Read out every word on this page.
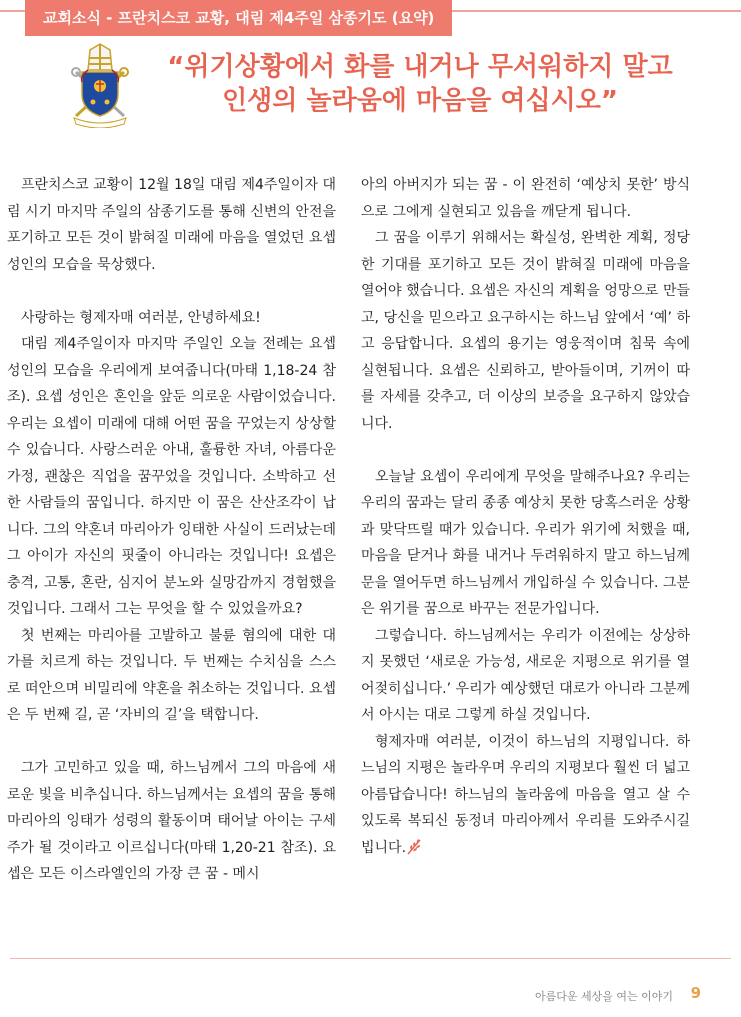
교회소식 - 프란치스코 교황, 대림 제4주일 삼종기도 (요약)
“위기상황에서 화를 내거나 무서워하지 말고
인생의 놀라움에 마음을 여십시오”

프란치스코 교황이 12월 18일 대림 제4주일이자 대림 시기 마지막 주일의 삼종기도를 통해 신변의 안전을 포기하고 모든 것이 밝혀질 미래에 마음을 열었던 요셉 성인의 모습을 묵상했다.

사랑하는 형제자매 여러분, 안녕하세요!

대림 제4주일이자 마지막 주일인 오늘 전례는 요셉 성인의 모습을 우리에게 보여줍니다(마태 1,18-24 참조). 요셉 성인은 혼인을 앞둔 의로운 사람이었습니다. 우리는 요셉이 미래에 대해 어떤 꿈을 꾸었는지 상상할 수 있습니다. 사랑스러운 아내, 훌륭한 자녀, 아름다운 가정, 괜찮은 직업을 꿈꾸었을 것입니다. 소박하고 선한 사람들의 꿈입니다. 하지만 이 꿈은 산산조각이 납니다. 그의 약혼녀 마리아가 잉태한 사실이 드러났는데 그 아이가 자신의 핏줄이 아니라는 것입니다! 요셉은 충격, 고통, 혼란, 심지어 분노와 실망감까지 경험했을 것입니다. 그래서 그는 무엇을 할 수 있었을까요?

첫 번째는 마리아를 고발하고 불륜 혐의에 대한 대가를 치르게 하는 것입니다. 두 번째는 수치심을 스스로 떠안으며 비밀리에 약혼을 취소하는 것입니다. 요셉은 두 번째 길, 곧 ‘자비의 길’을 택합니다.

그가 고민하고 있을 때, 하느님께서 그의 마음에 새로운 빛을 비추십니다. 하느님께서는 요셉의 꿈을 통해 마리아의 잉태가 성령의 활동이며 태어날 아이는 구세주가 될 것이라고 이르십니다(마태 1,20-21 참조). 요셉은 모든 이스라엘인의 가장 큰 꿈 - 메시

아의 아버지가 되는 꿈 - 이 완전히 ‘예상치 못한’ 방식으로 그에게 실현되고 있음을 깨닫게 됩니다.

그 꿈을 이루기 위해서는 확실성, 완벽한 계획, 정당한 기대를 포기하고 모든 것이 밝혀질 미래에 마음을 열어야 했습니다. 요셉은 자신의 계획을 엉망으로 만들고, 당신을 믿으라고 요구하시는 하느님 앞에서 ‘예’ 하고 응답합니다. 요셉의 용기는 영웅적이며 침묵 속에 실현됩니다. 요셉은 신뢰하고, 받아들이며, 기꺼이 따를 자세를 갖추고, 더 이상의 보증을 요구하지 않았습니다.

오늘날 요셉이 우리에게 무엇을 말해주나요? 우리는 우리의 꿈과는 달리 종종 예상치 못한 당혹스러운 상황과 맞닥뜨릴 때가 있습니다. 우리가 위기에 처했을 때, 마음을 닫거나 화를 내거나 두려워하지 말고 하느님께 문을 열어두면 하느님께서 개입하실 수 있습니다. 그분은 위기를 꿈으로 바꾸는 전문가입니다.

그렇습니다. 하느님께서는 우리가 이전에는 상상하지 못했던 ‘새로운 가능성, 새로운 지평으로 위기를 열어젖히십니다.’ 우리가 예상했던 대로가 아니라 그분께서 아시는 대로 그렇게 하실 것입니다.

형제자매 여러분, 이것이 하느님의 지평입니다. 하느님의 지평은 놀라우며 우리의 지평보다 훨씬 더 넓고 아름답습니다! 하느님의 놀라움에 마음을 열고 살 수 있도록 복되신 동정녀 마리아께서 우리를 도와주시길 빕니다.

아름다운 세상을 여는 이야기 9
